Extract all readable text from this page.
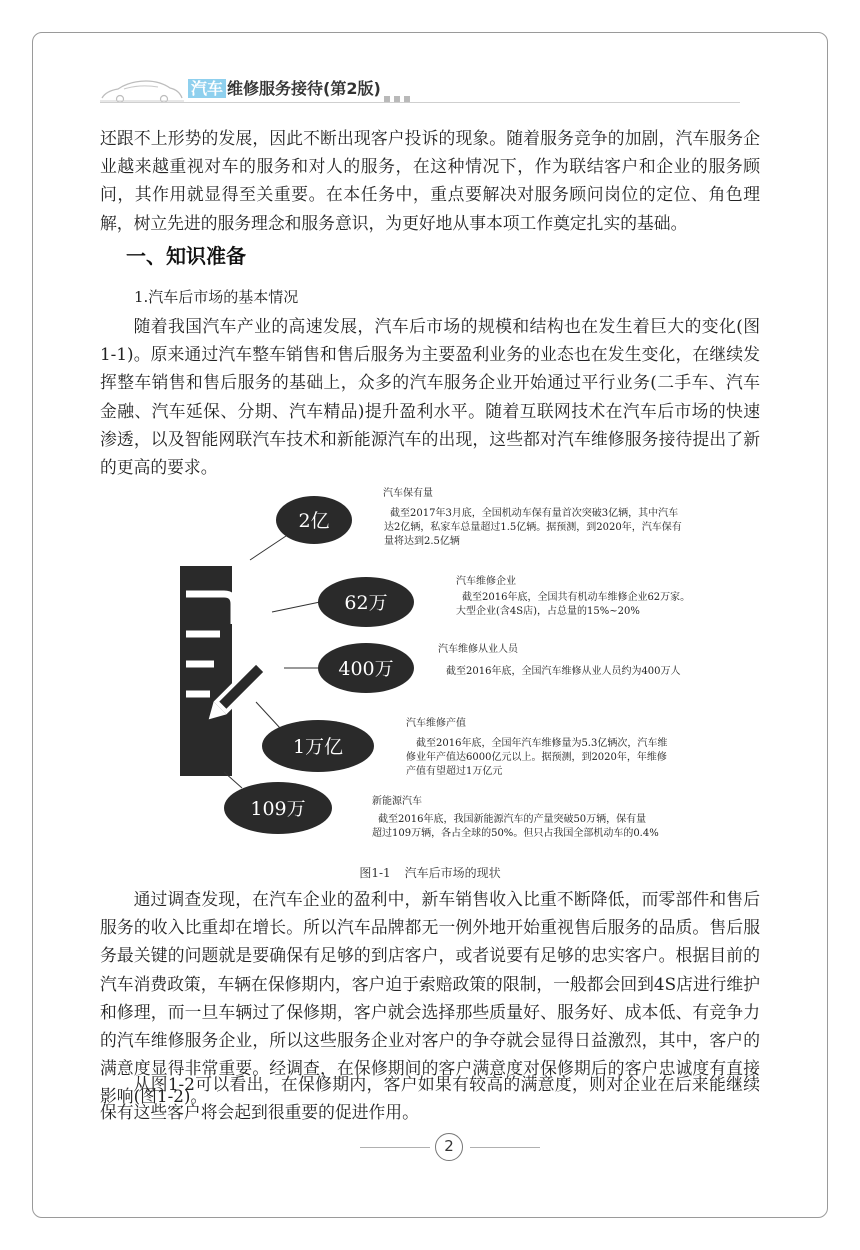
汽车 维修服务接待(第2版)

还跟不上形势的发展，因此不断出现客户投诉的现象。随着服务竞争的加剧，汽车服务企业越来越重视对车的服务和对人的服务，在这种情况下，作为联结客户和企业的服务顾问，其作用就显得至关重要。在本任务中，重点要解决对服务顾问岗位的定位、角色理解，树立先进的服务理念和服务意识，为更好地从事本项工作奠定扎实的基础。

一、知识准备

1.汽车后市场的基本情况

随着我国汽车产业的高速发展，汽车后市场的规模和结构也在发生着巨大的变化(图1-1)。原来通过汽车整车销售和售后服务为主要盈利业务的业态也在发生变化，在继续发挥整车销售和售后服务的基础上，众多的汽车服务企业开始通过平行业务(二手车、汽车金融、汽车延保、分期、汽车精品)提升盈利水平。随着互联网技术在汽车后市场的快速渗透，以及智能网联汽车技术和新能源汽车的出现，这些都对汽车维修服务接待提出了新的更高的要求。

2亿
62万
400万
1万亿
109万
汽车保有量
截至2017年3月底，全国机动车保有量首次突破3亿辆，其中汽车
达2亿辆，私家车总量超过1.5亿辆。据预测，到2020年，汽车保有
量将达到2.5亿辆
汽车维修企业
截至2016年底，全国共有机动车维修企业62万家。
大型企业(含4S店)，占总量的15%~20%
汽车维修从业人员
截至2016年底，全国汽车维修从业人员约为400万人
汽车维修产值
截至2016年底，全国年汽车维修量为5.3亿辆次，汽车维
修业年产值达6000亿元以上。据预测，到2020年，年维修
产值有望超过1万亿元
新能源汽车
截至2016年底，我国新能源汽车的产量突破50万辆，保有量
超过109万辆，各占全球的50%。但只占我国全部机动车的0.4%
图1-1 汽车后市场的现状

通过调查发现，在汽车企业的盈利中，新车销售收入比重不断降低，而零部件和售后服务的收入比重却在增长。所以汽车品牌都无一例外地开始重视售后服务的品质。售后服务最关键的问题就是要确保有足够的到店客户，或者说要有足够的忠实客户。根据目前的汽车消费政策，车辆在保修期内，客户迫于索赔政策的限制，一般都会回到4S店进行维护和修理，而一旦车辆过了保修期，客户就会选择那些质量好、服务好、成本低、有竞争力的汽车维修服务企业，所以这些服务企业对客户的争夺就会显得日益激烈，其中，客户的满意度显得非常重要。经调查，在保修期间的客户满意度对保修期后的客户忠诚度有直接影响(图1-2)。

从图1-2可以看出，在保修期内，客户如果有较高的满意度，则对企业在后来能继续保有这些客户将会起到很重要的促进作用。

2
